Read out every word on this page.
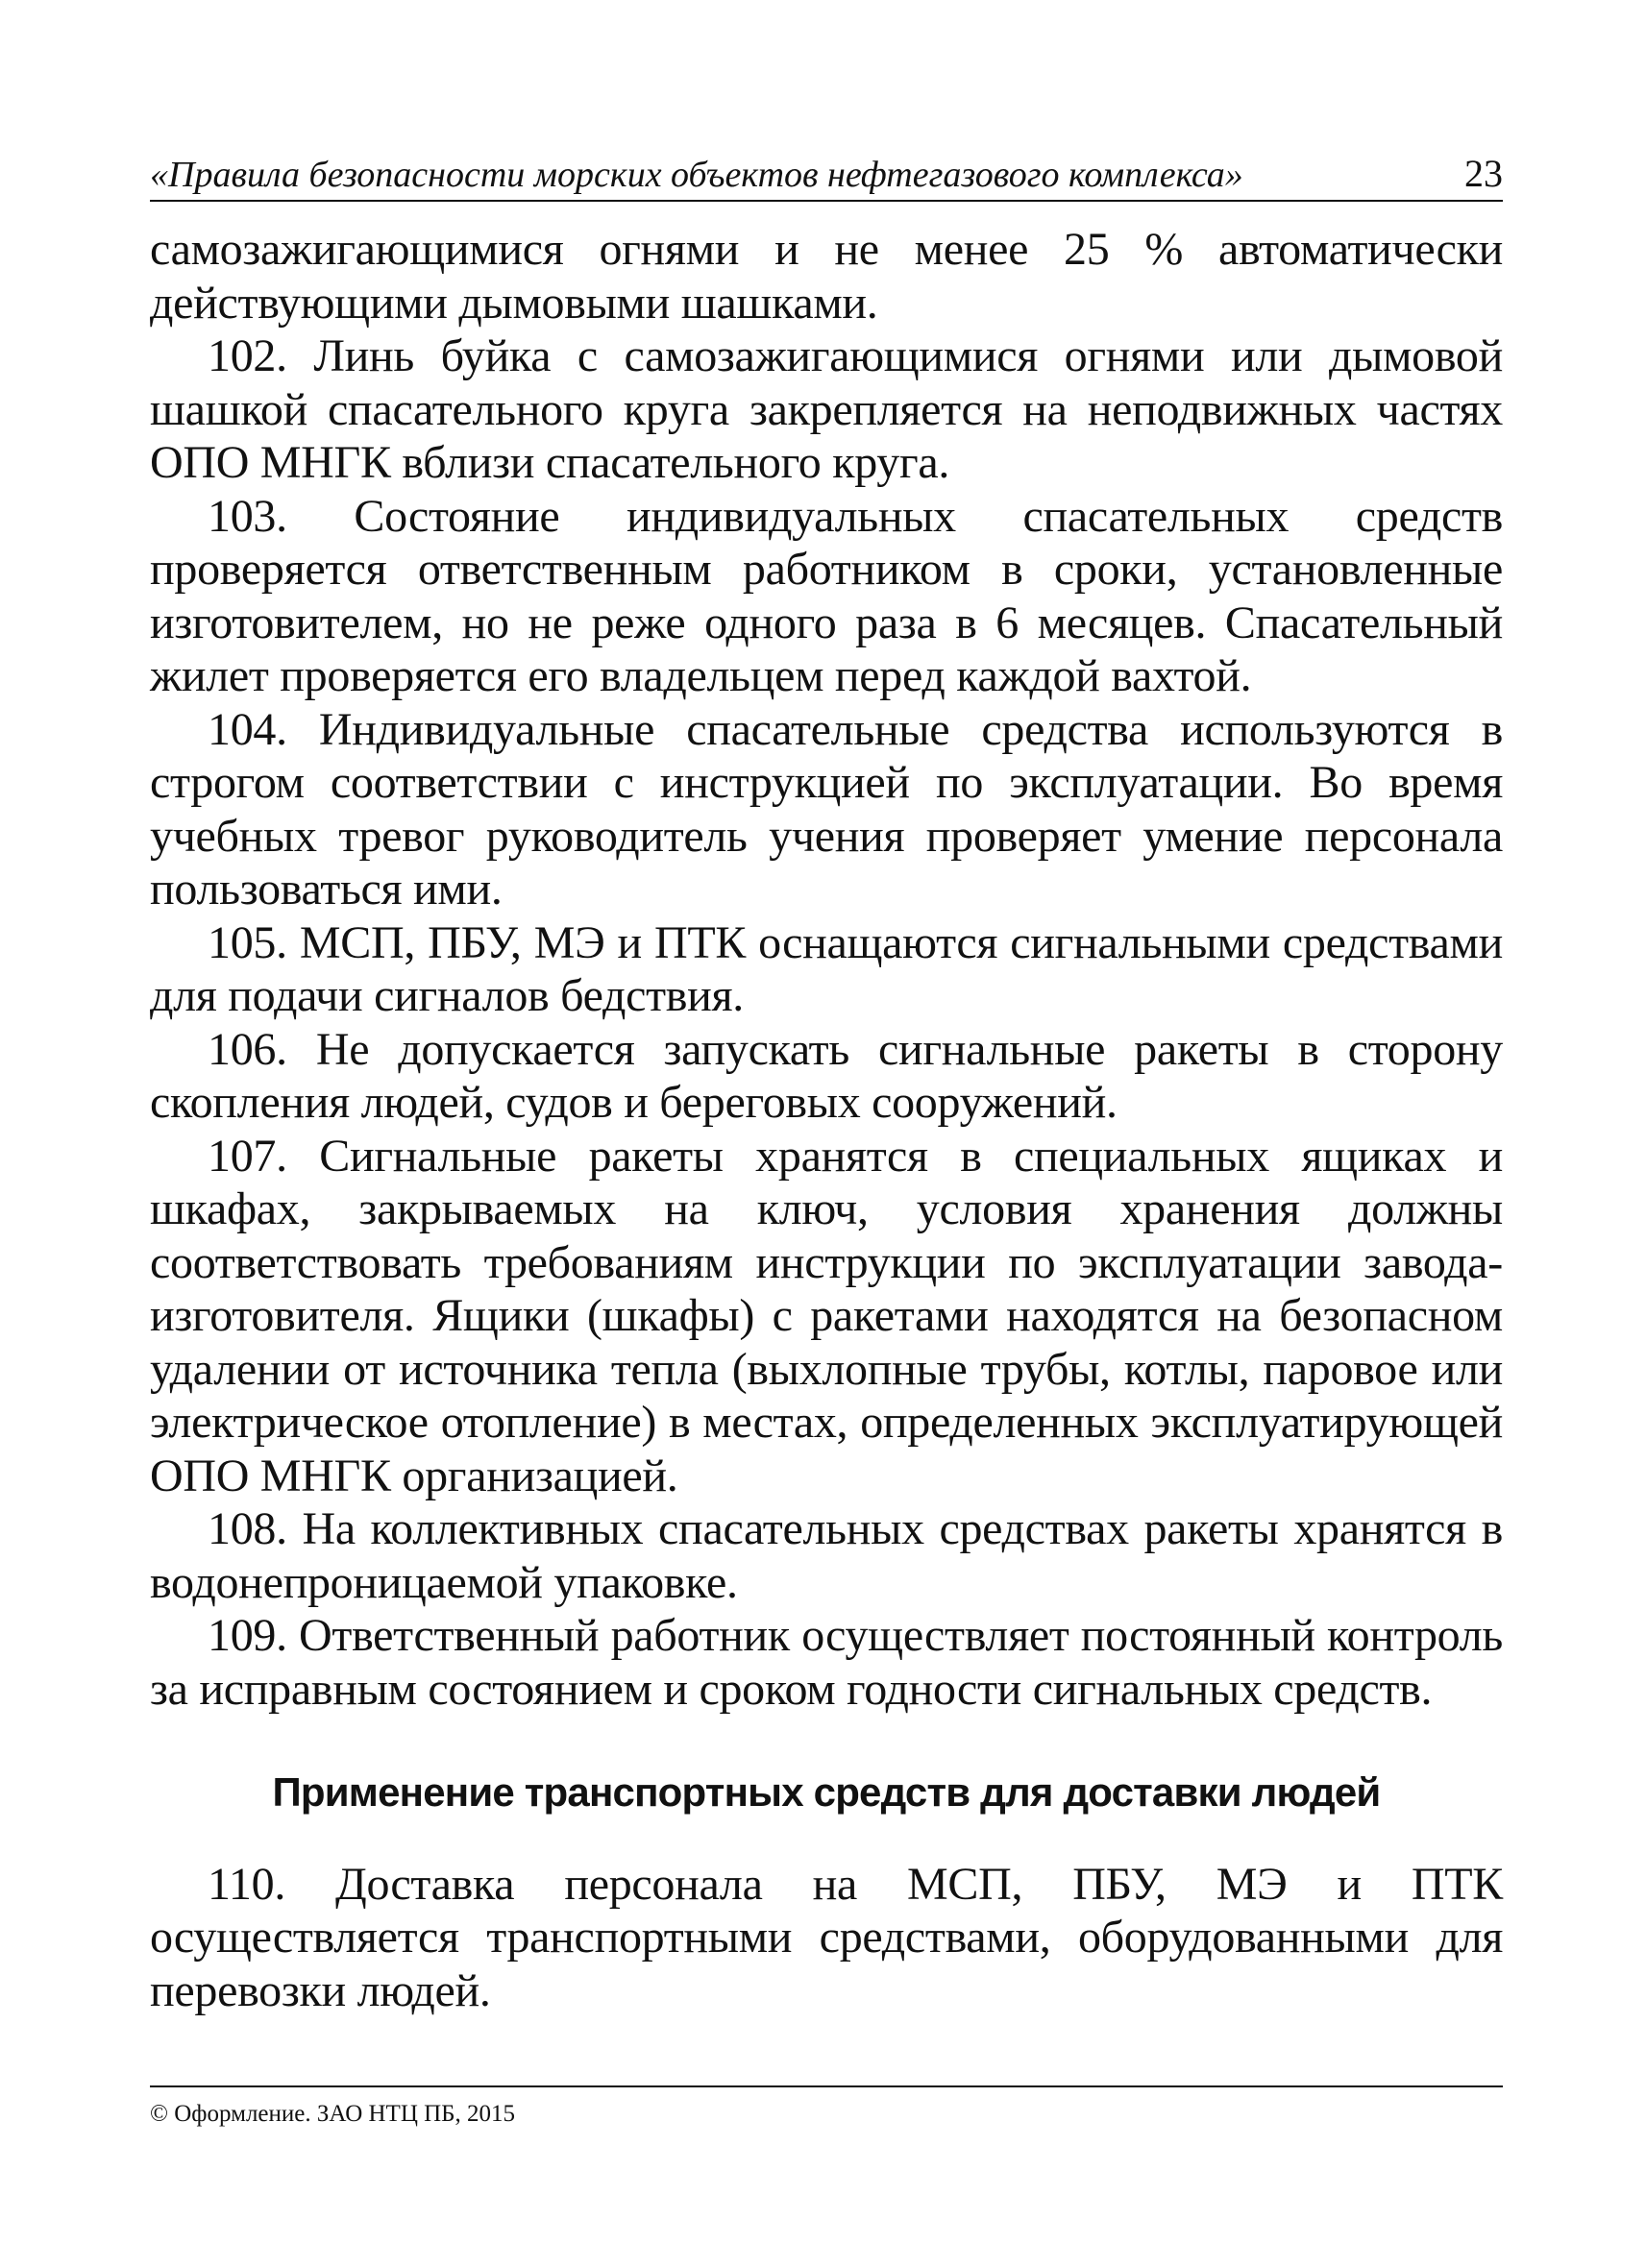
«Правила безопасности морских объектов нефтегазового комплекса»	23

самозажигающимися огнями и не менее 25 % автоматически действующими дымовыми шашками.

102. Линь буйка с самозажигающимися огнями или дымовой шашкой спасательного круга закрепляется на неподвижных частях ОПО МНГК вблизи спасательного круга.

103. Состояние индивидуальных спасательных средств проверяется ответственным работником в сроки, установленные изготовителем, но не реже одного раза в 6 месяцев. Спасательный жилет проверяется его владельцем перед каждой вахтой.

104. Индивидуальные спасательные средства используются в строгом соответствии с инструкцией по эксплуатации. Во время учебных тревог руководитель учения проверяет умение персонала пользоваться ими.

105. МСП, ПБУ, МЭ и ПТК оснащаются сигнальными средствами для подачи сигналов бедствия.

106. Не допускается запускать сигнальные ракеты в сторону скопления людей, судов и береговых сооружений.

107. Сигнальные ракеты хранятся в специальных ящиках и шкафах, закрываемых на ключ, условия хранения должны соответствовать требованиям инструкции по эксплуатации завода-изготовителя. Ящики (шкафы) с ракетами находятся на безопасном удалении от источника тепла (выхлопные трубы, котлы, паровое или электрическое отопление) в местах, определенных эксплуатирующей ОПО МНГК организацией.

108. На коллективных спасательных средствах ракеты хранятся в водонепроницаемой упаковке.

109. Ответственный работник осуществляет постоянный контроль за исправным состоянием и сроком годности сигнальных средств.

Применение транспортных средств для доставки людей

110. Доставка персонала на МСП, ПБУ, МЭ и ПТК осуществляется транспортными средствами, оборудованными для перевозки людей.

© Оформление. ЗАО НТЦ ПБ, 2015
